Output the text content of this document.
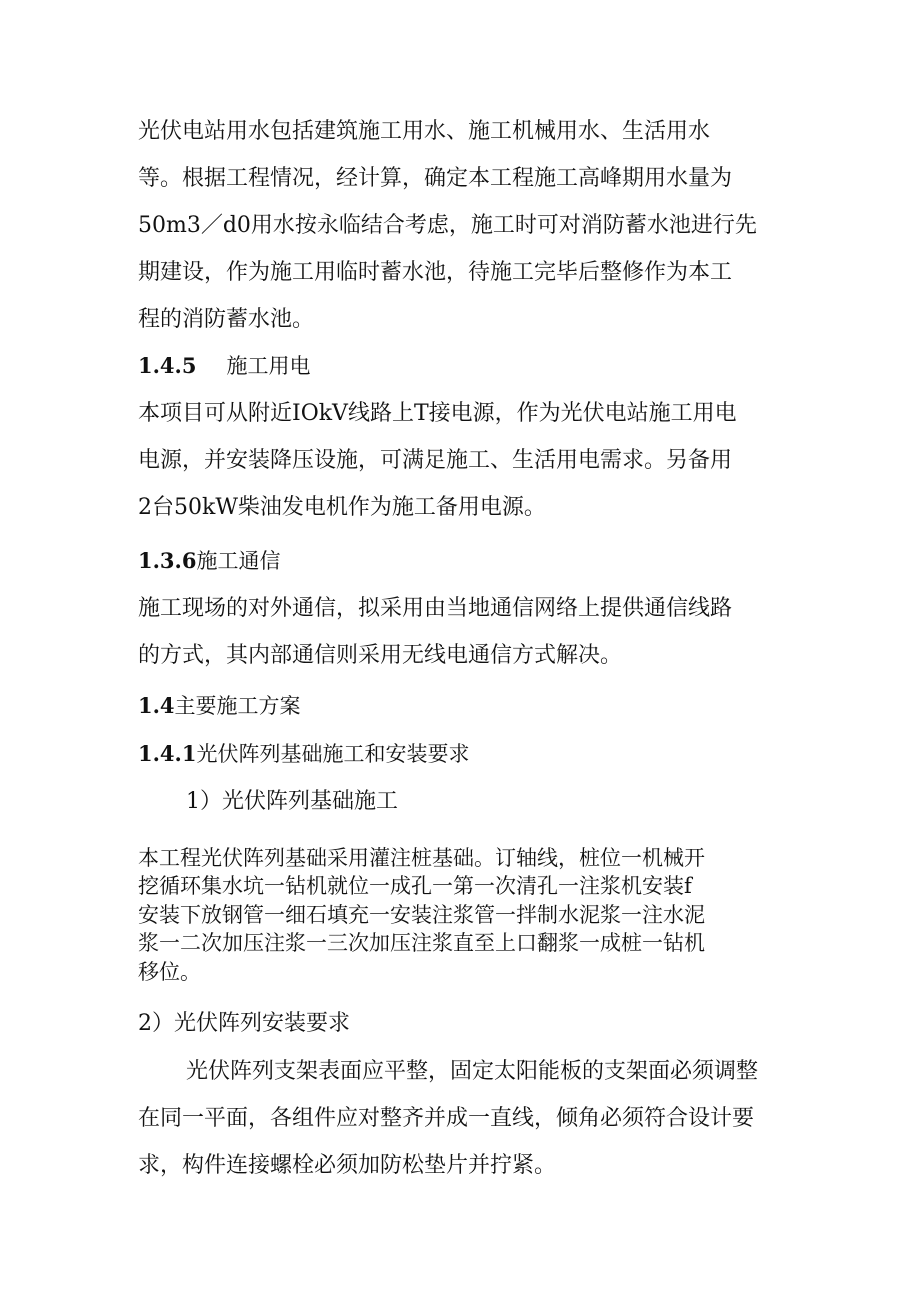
光伏电站用水包括建筑施工用水、施工机械用水、生活用水
等。根据工程情况，经计算，确定本工程施工高峰期用水量为
50m3／d0用水按永临结合考虑，施工时可对消防蓄水池进行先
期建设，作为施工用临时蓄水池，待施工完毕后整修作为本工
程的消防蓄水池。
1.4.5 施工用电
本项目可从附近IOkV线路上T接电源，作为光伏电站施工用电
电源，并安装降压设施，可满足施工、生活用电需求。另备用
2台50kW柴油发电机作为施工备用电源。
1.3.6施工通信
施工现场的对外通信，拟采用由当地通信网络上提供通信线路
的方式，其内部通信则采用无线电通信方式解决。
1.4主要施工方案
1.4.1光伏阵列基础施工和安装要求
1）光伏阵列基础施工
本工程光伏阵列基础采用灌注桩基础。订轴线，桩位一机械开
挖循环集水坑一钻机就位一成孔一第一次清孔一注浆机安装f
安装下放钢管一细石填充一安装注浆管一拌制水泥浆一注水泥
浆一二次加压注浆一三次加压注浆直至上口翻浆一成桩一钻机
移位。
2）光伏阵列安装要求
光伏阵列支架表面应平整，固定太阳能板的支架面必须调整
在同一平面，各组件应对整齐并成一直线，倾角必须符合设计要
求，构件连接螺栓必须加防松垫片并拧紧。
